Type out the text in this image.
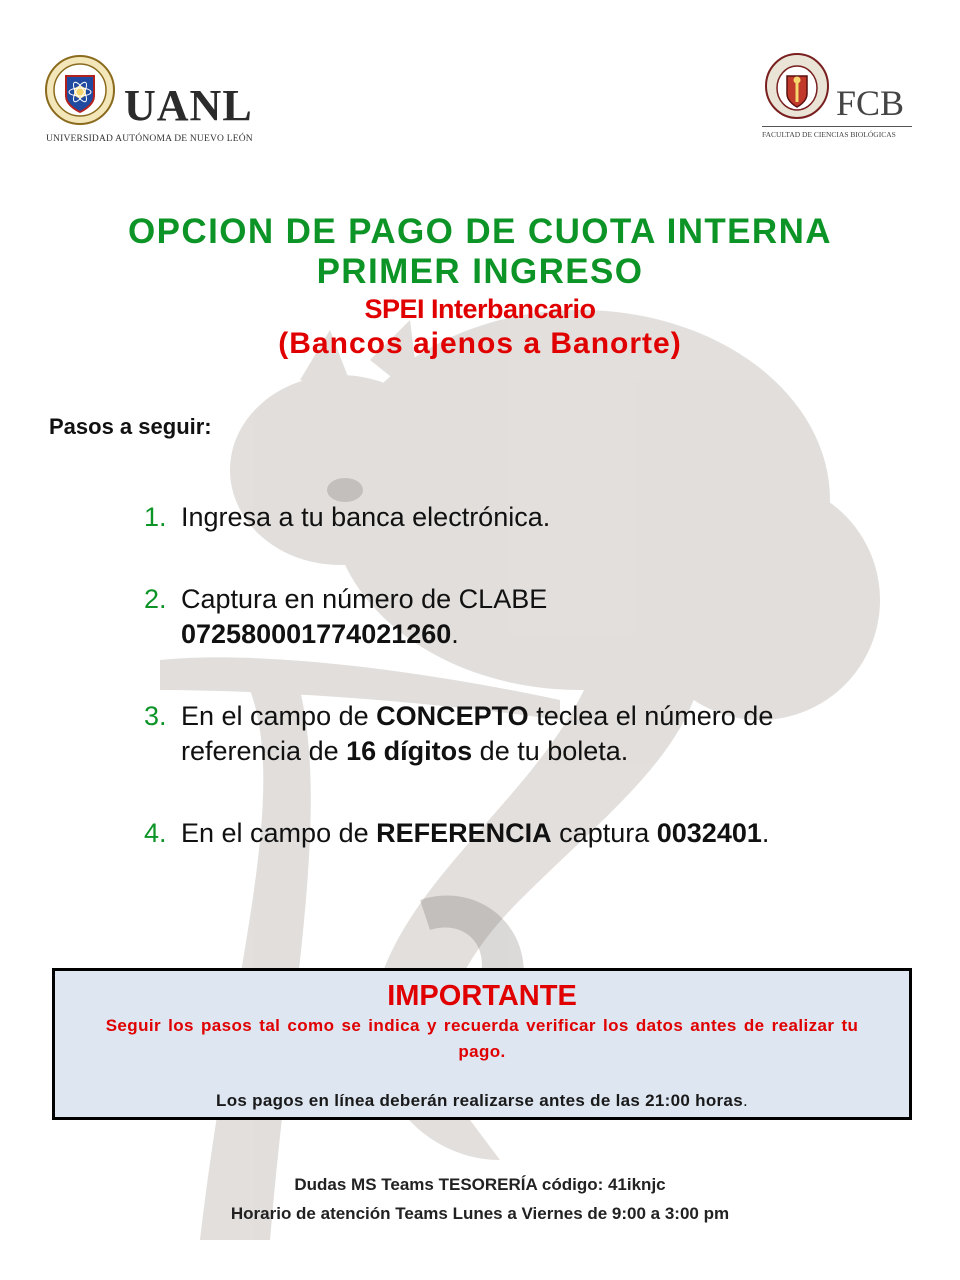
UANL
UNIVERSIDAD AUTÓNOMA DE NUEVO LEÓN
FCB
FACULTAD DE CIENCIAS BIOLÓGICAS
OPCION DE PAGO DE CUOTA INTERNA
PRIMER INGRESO
SPEI Interbancario
(Bancos ajenos a Banorte)
Pasos a seguir:
1. Ingresa a tu banca electrónica.
2. Captura en número de CLABE
072580001774021260.
3. En el campo de CONCEPTO teclea el número de
referencia de 16 dígitos de tu boleta.
4. En el campo de REFERENCIA captura 0032401.
IMPORTANTE
Seguir los pasos tal como se indica y recuerda verificar los datos antes de realizar tu pago.
Los pagos en línea deberán realizarse antes de las 21:00 horas.
Dudas MS Teams TESORERÍA código: 41iknjc
Horario de atención Teams Lunes a Viernes de 9:00 a 3:00 pm
